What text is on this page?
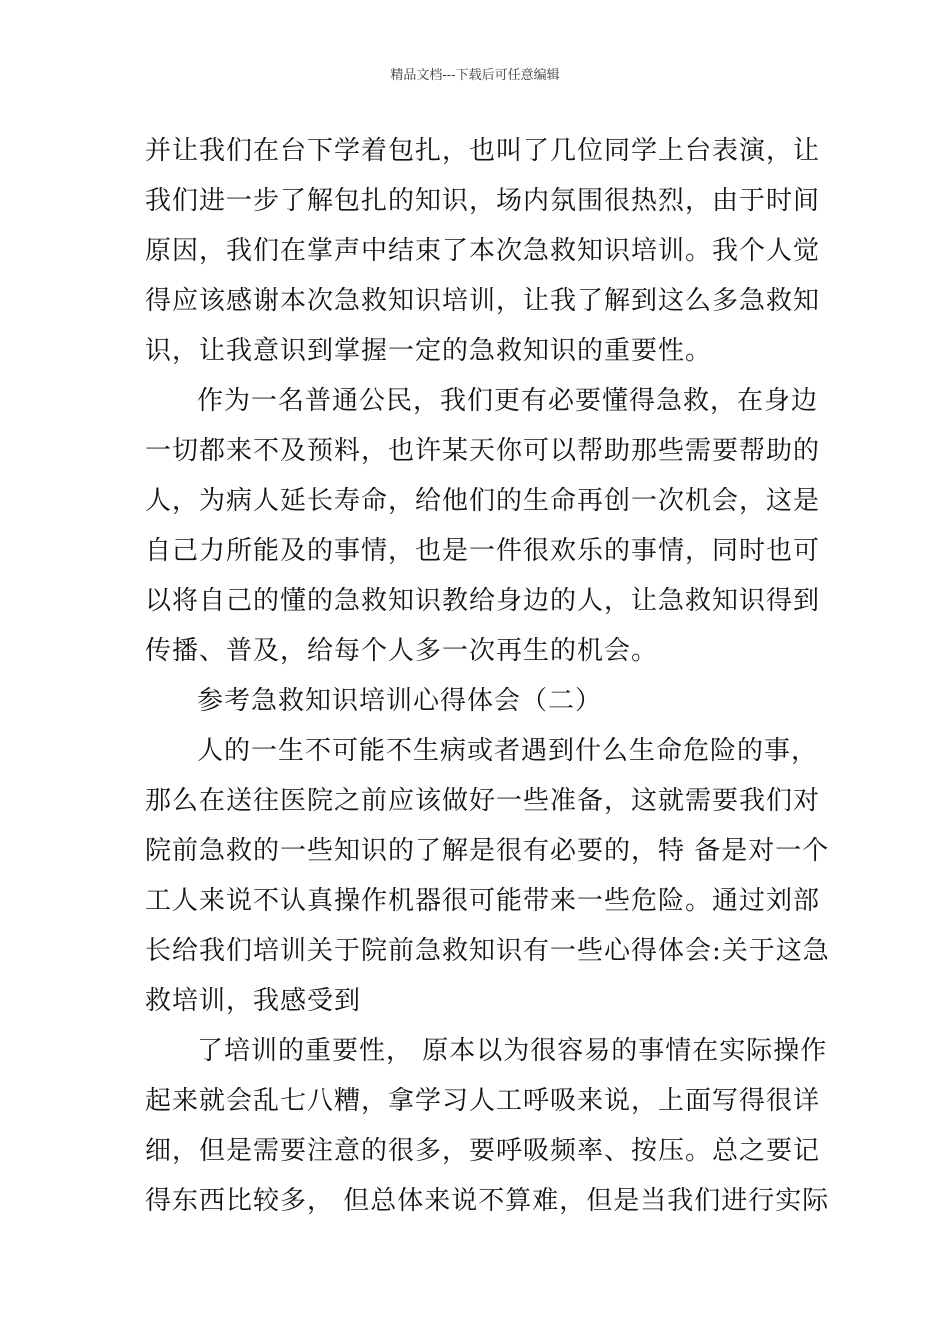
精品文档---下载后可任意编辑
并让我们在台下学着包扎，也叫了几位同学上台表演，让
我们进一步了解包扎的知识，场内氛围很热烈，由于时间
原因，我们在掌声中结束了本次急救知识培训。我个人觉
得应该感谢本次急救知识培训，让我了解到这么多急救知
识，让我意识到掌握一定的急救知识的重要性。
作为一名普通公民，我们更有必要懂得急救，在身边
一切都来不及预料，也许某天你可以帮助那些需要帮助的
人，为病人延长寿命，给他们的生命再创一次机会，这是
自己力所能及的事情，也是一件很欢乐的事情，同时也可
以将自己的懂的急救知识教给身边的人，让急救知识得到
传播、普及，给每个人多一次再生的机会。
参考急救知识培训心得体会（二）
人的一生不可能不生病或者遇到什么生命危险的事，
那么在送往医院之前应该做好一些准备，这就需要我们对
院前急救的一些知识的了解是很有必要的，特 备是对一个
工人来说不认真操作机器很可能带来一些危险。通过刘部
长给我们培训关于院前急救知识有一些心得体会:关于这急
救培训，我感受到
了培训的重要性， 原本以为很容易的事情在实际操作
起来就会乱七八糟，拿学习人工呼吸来说，上面写得很详
细，但是需要注意的很多，要呼吸频率、按压。总之要记
得东西比较多， 但总体来说不算难，但是当我们进行实际
